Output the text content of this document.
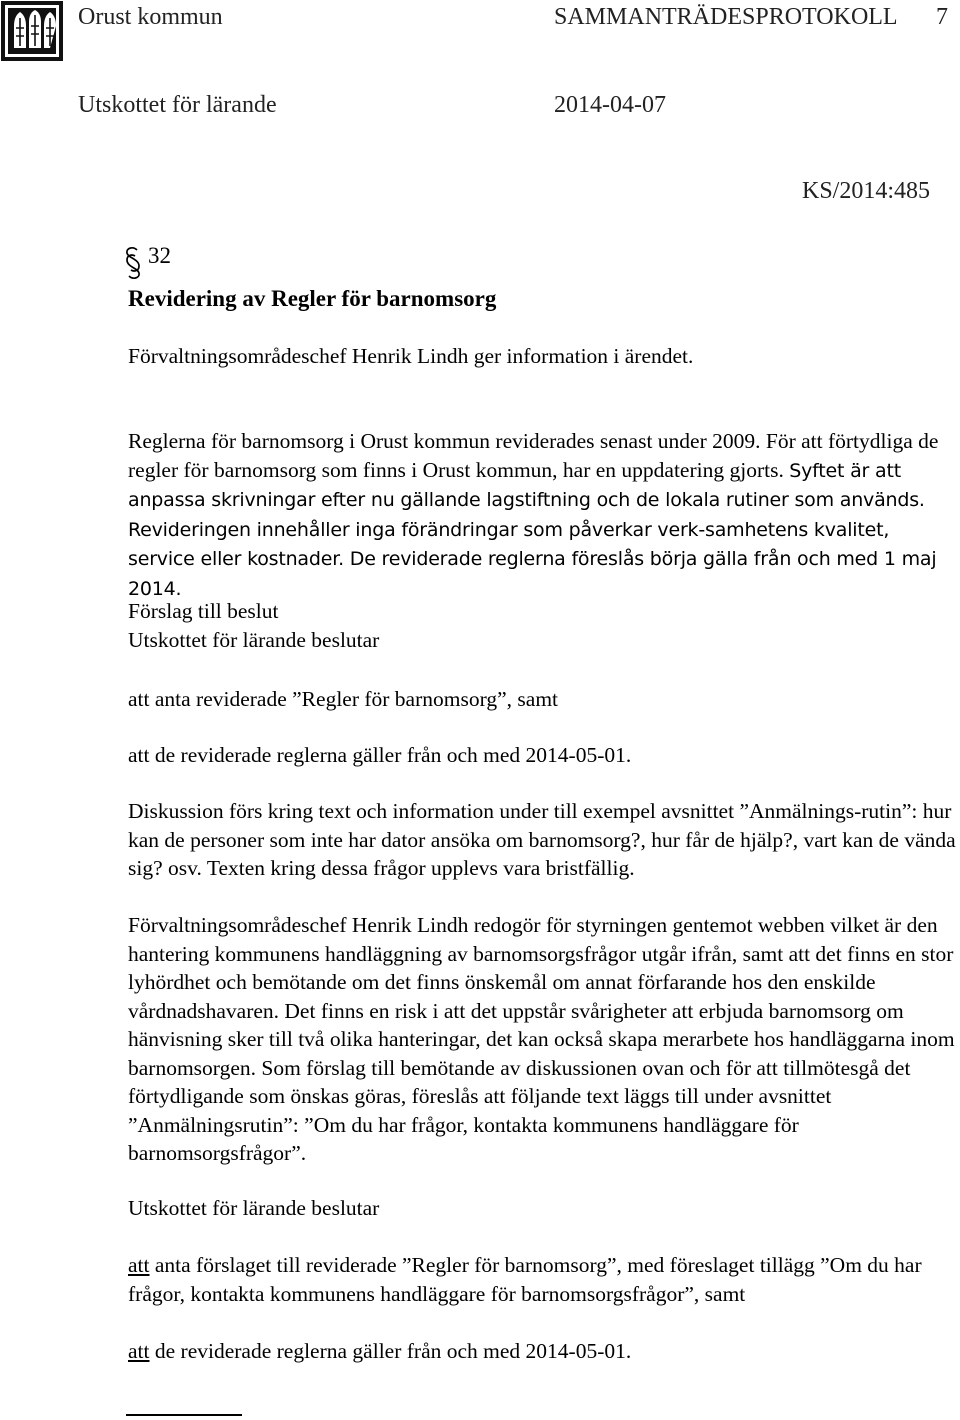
Orust kommun	SAMMANTRÄDESPROTOKOLL 7
Utskottet för lärande	2014-04-07
KS/2014:485
32
Revidering av Regler för barnomsorg
Förvaltningsområdeschef Henrik Lindh ger information i ärendet.
Reglerna för barnomsorg i Orust kommun reviderades senast under 2009. För att förtydliga de regler för barnomsorg som finns i Orust kommun, har en uppdatering gjorts. Syftet är att anpassa skrivningar efter nu gällande lagstiftning och de lokala rutiner som används. Revideringen innehåller inga förändringar som påverkar verk-samhetens kvalitet, service eller kostnader. De reviderade reglerna föreslås börja gälla från och med 1 maj 2014.
Förslag till beslut
Utskottet för lärande beslutar
att anta reviderade ”Regler för barnomsorg”, samt
att de reviderade reglerna gäller från och med 2014-05-01.
Diskussion förs kring text och information under till exempel avsnittet ”Anmälnings-rutin”: hur kan de personer som inte har dator ansöka om barnomsorg?, hur får de hjälp?, vart kan de vända sig? osv. Texten kring dessa frågor upplevs vara bristfällig.
Förvaltningsområdeschef Henrik Lindh redogör för styrningen gentemot webben vilket är den hantering kommunens handläggning av barnomsorgsfrågor utgår ifrån, samt att det finns en stor lyhördhet och bemötande om det finns önskemål om annat förfarande hos den enskilde vårdnadshavaren. Det finns en risk i att det uppstår svårigheter att erbjuda barnomsorg om hänvisning sker till två olika hanteringar, det kan också skapa merarbete hos handläggarna inom barnomsorgen. Som förslag till bemötande av diskussionen ovan och för att tillmötesgå det förtydligande som önskas göras, föreslås att följande text läggs till under avsnittet ”Anmälningsrutin”: ”Om du har frågor, kontakta kommunens handläggare för barnomsorgsfrågor”.
Utskottet för lärande beslutar
att anta förslaget till reviderade ”Regler för barnomsorg”, med föreslaget tillägg ”Om du har frågor, kontakta kommunens handläggare för barnomsorgsfrågor”, samt
att de reviderade reglerna gäller från och med 2014-05-01.
